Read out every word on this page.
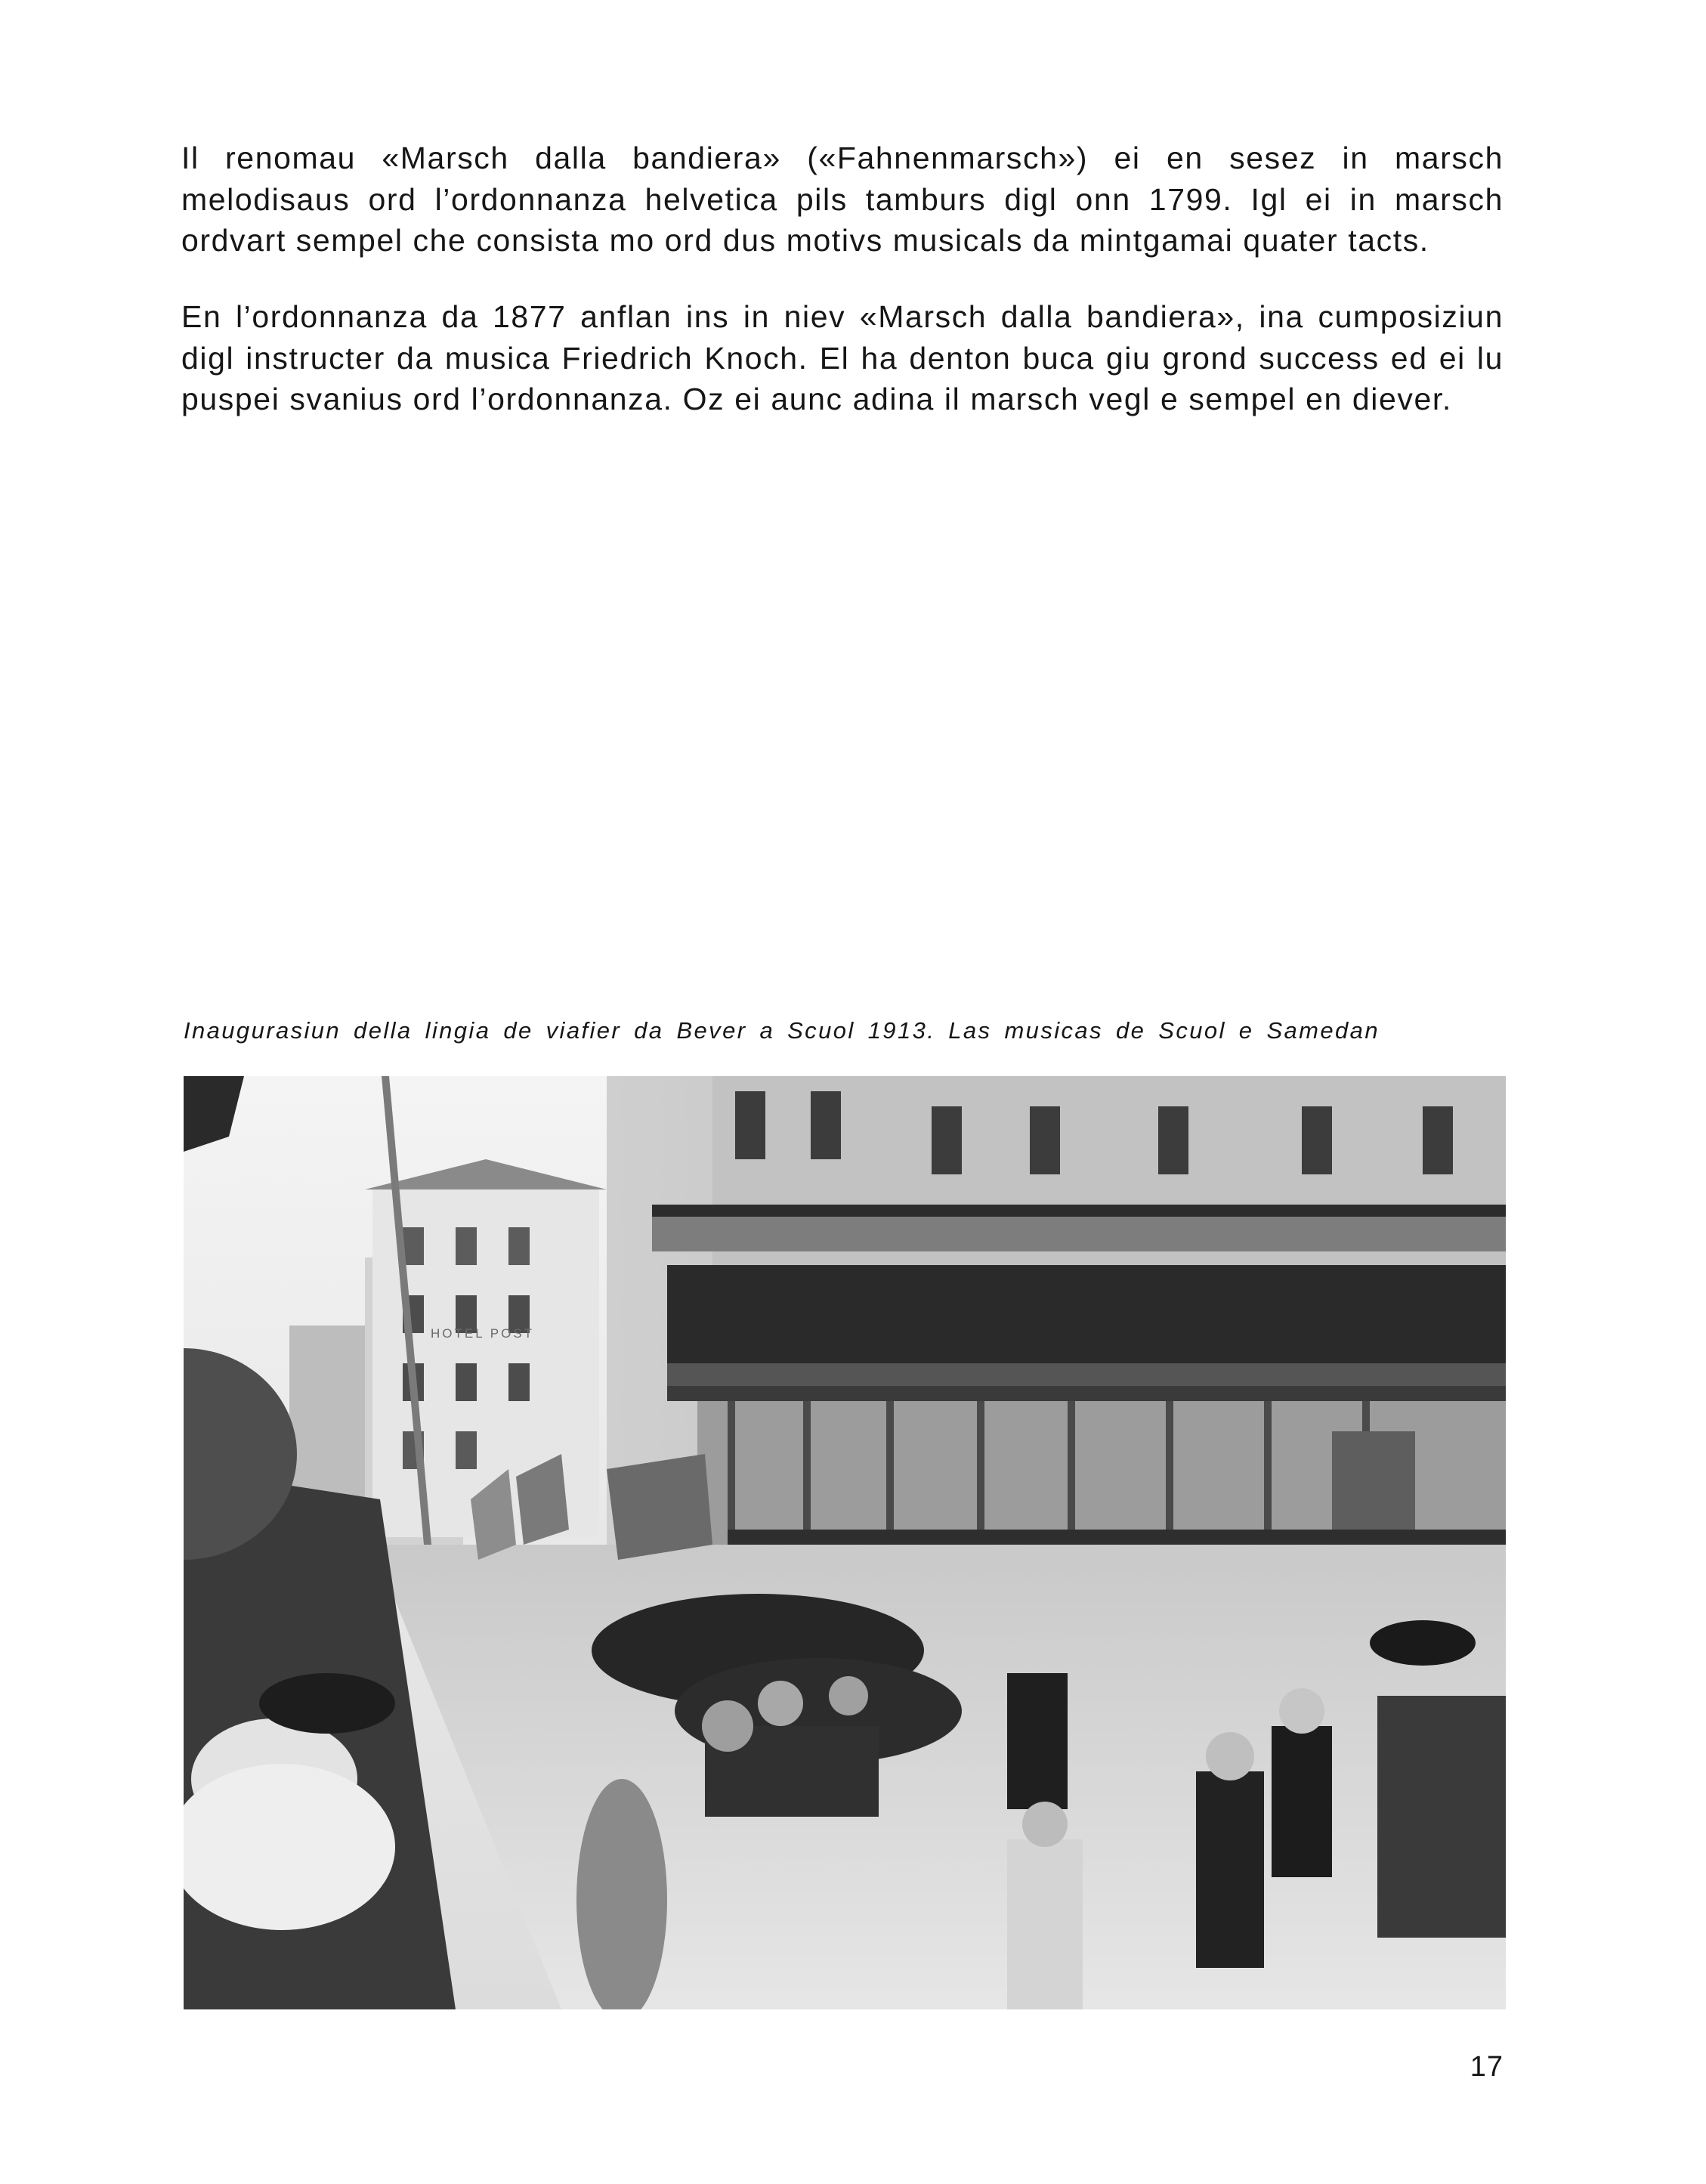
Il renomau «Marsch dalla bandiera» («Fahnenmarsch») ei en sesez in marsch melodisaus ord l’ordonnanza helvetica pils tamburs digl onn 1799. Igl ei in marsch ordvart sempel che consista mo ord dus motivs musicals da mintgamai quater tacts.

En l’ordonnanza da 1877 anflan ins in niev «Marsch dalla bandiera», ina cumposiziun digl instructer da musica Friedrich Knoch. El ha denton buca giu grond success ed ei lu puspei svanius ord l’ordonnanza. Oz ei aunc adina il marsch vegl e sempel en diever.

Inaugurasiun della lingia de viafier da Bever a Scuol 1913. Las musicas de Scuol e Samedan

HOTEL POST

17
